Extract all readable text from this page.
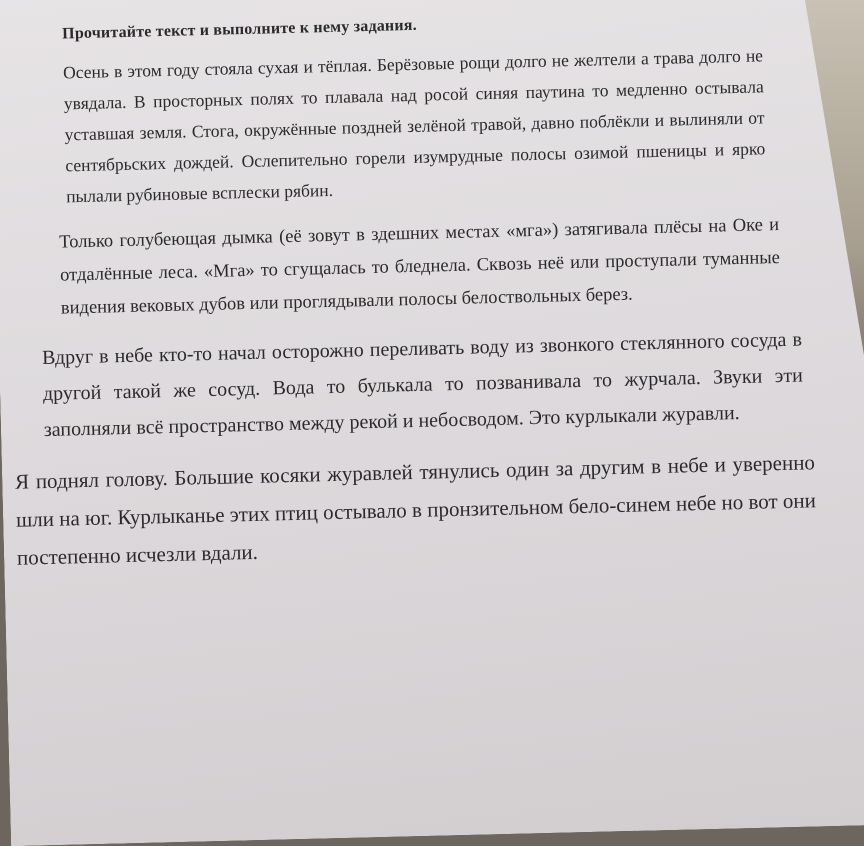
Прочитайте текст и выполните к нему задания.

Осень в этом году стояла сухая и тёплая. Берёзовые рощи долго не желтели а трава долго не увядала. В просторных полях то плавала над росой синяя паутина то медленно остывала уставшая земля. Стога, окружённые поздней зелёной травой, давно поблёкли и вылиняли от сентябрьских дождей. Ослепительно горели изумрудные полосы озимой пшеницы и ярко пылали рубиновые всплески рябин.

Только голубеющая дымка (её зовут в здешних местах «мга») затягивала плёсы на Оке и отдалённые леса. «Мга» то сгущалась то бледнела. Сквозь неё или проступали туманные видения вековых дубов или проглядывали полосы белоствольных берез.

Вдруг в небе кто-то начал осторожно переливать воду из звонкого стеклянного сосуда в другой такой же сосуд. Вода то булькала то позванивала то журчала. Звуки эти заполняли всё пространство между рекой и небосводом. Это курлыкали журавли.

Я поднял голову. Большие косяки журавлей тянулись один за другим в небе и уверенно шли на юг. Курлыканье этих птиц остывало в пронзительном бело-синем небе но вот они постепенно исчезли вдали.
